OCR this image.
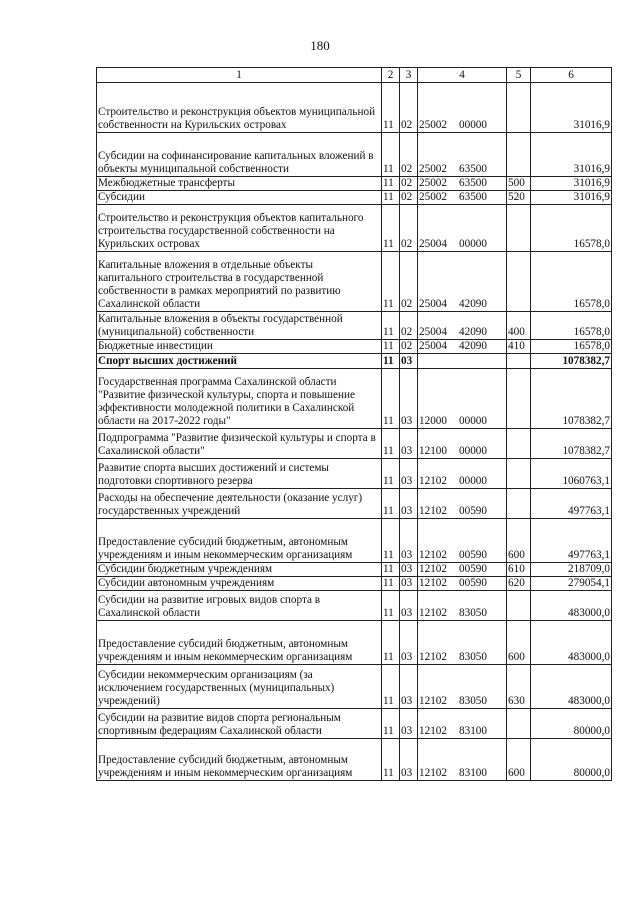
180
1	2	3	4	5	6
Строительство и реконструкция объектов муниципальной собственности на Курильских островах	11	02	25002 00000		31016,9
Субсидии на софинансирование капитальных вложений в объекты муниципальной собственности	11	02	25002 63500		31016,9
Межбюджетные трансферты	11	02	25002 63500	500	31016,9
Субсидии	11	02	25002 63500	520	31016,9
Строительство и реконструкция объектов капитального строительства государственной собственности на Курильских островах	11	02	25004 00000		16578,0
Капитальные вложения в отдельные объекты капитального строительства в государственной собственности в рамках мероприятий по развитию Сахалинской области	11	02	25004 42090		16578,0
Капитальные вложения в объекты государственной (муниципальной) собственности	11	02	25004 42090	400	16578,0
Бюджетные инвестиции	11	02	25004 42090	410	16578,0
Спорт высших достижений	11	03			1078382,7
Государственная программа Сахалинской области "Развитие физической культуры, спорта и повышение эффективности молодежной политики в Сахалинской области на 2017-2022 годы"	11	03	12000 00000		1078382,7
Подпрограмма "Развитие физической культуры и спорта в Сахалинской области"	11	03	12100 00000		1078382,7
Развитие спорта высших достижений и системы подготовки спортивного резерва	11	03	12102 00000		1060763,1
Расходы на обеспечение деятельности (оказание услуг) государственных учреждений	11	03	12102 00590		497763,1
Предоставление субсидий бюджетным, автономным учреждениям и иным некоммерческим организациям	11	03	12102 00590	600	497763,1
Субсидии бюджетным учреждениям	11	03	12102 00590	610	218709,0
Субсидии автономным учреждениям	11	03	12102 00590	620	279054,1
Субсидии на развитие игровых видов спорта в Сахалинской области	11	03	12102 83050		483000,0
Предоставление субсидий бюджетным, автономным учреждениям и иным некоммерческим организациям	11	03	12102 83050	600	483000,0
Субсидии некоммерческим организациям (за исключением государственных (муниципальных) учреждений)	11	03	12102 83050	630	483000,0
Субсидии на развитие видов спорта региональным спортивным федерациям Сахалинской области	11	03	12102 83100		80000,0
Предоставление субсидий бюджетным, автономным учреждениям и иным некоммерческим организациям	11	03	12102 83100	600	80000,0
